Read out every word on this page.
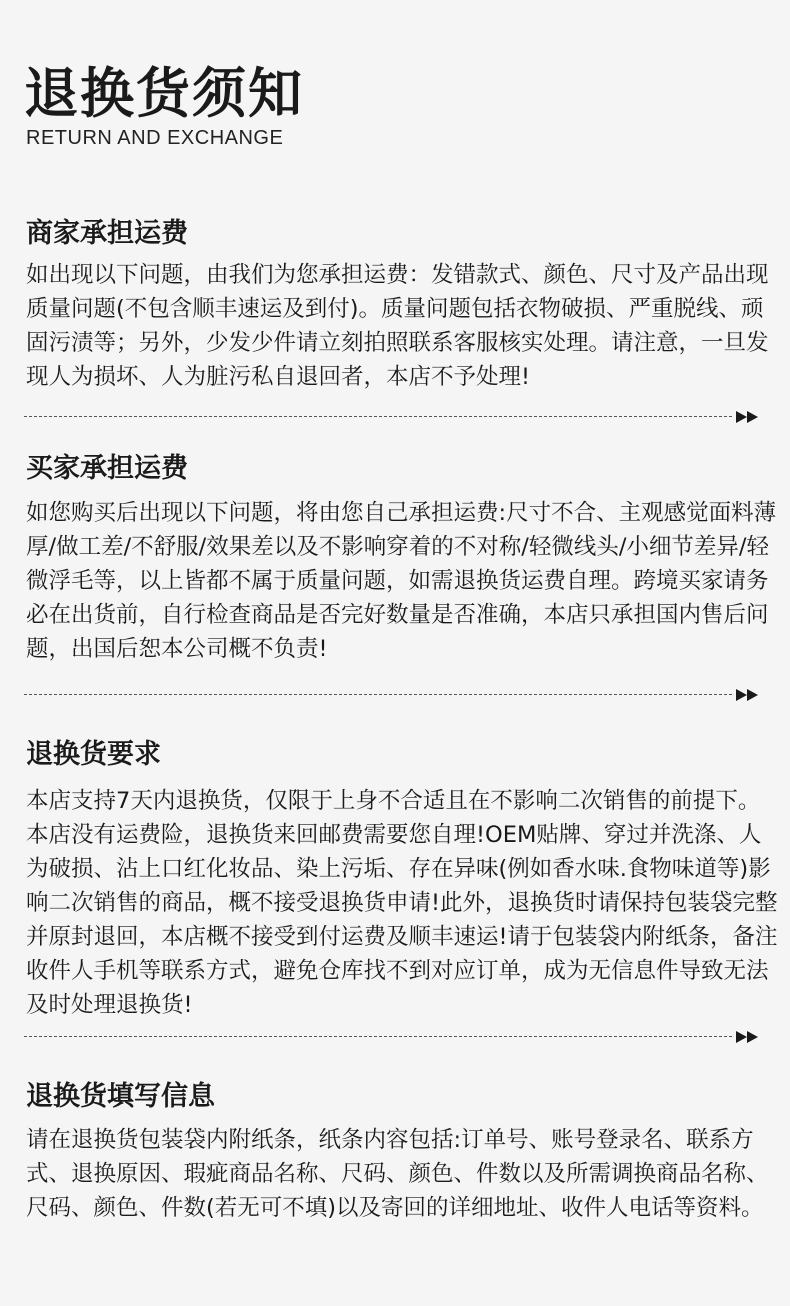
退换货须知
RETURN AND EXCHANGE
商家承担运费
如出现以下问题，由我们为您承担运费：发错款式、颜色、尺寸及产品出现质量问题(不包含顺丰速运及到付)。质量问题包括衣物破损、严重脱线、顽固污渍等；另外，少发少件请立刻拍照联系客服核实处理。请注意，一旦发现人为损坏、人为脏污私自退回者，本店不予处理!
买家承担运费
如您购买后出现以下问题，将由您自己承担运费:尺寸不合、主观感觉面料薄厚/做工差/不舒服/效果差以及不影响穿着的不对称/轻微线头/小细节差异/轻微浮毛等，以上皆都不属于质量问题，如需退换货运费自理。跨境买家请务必在出货前，自行检查商品是否完好数量是否准确，本店只承担国内售后问题，出国后恕本公司概不负责!
退换货要求
本店支持7天内退换货，仅限于上身不合适且在不影响二次销售的前提下。本店没有运费险，退换货来回邮费需要您自理!OEM贴牌、穿过并洗涤、人为破损、沾上口红化妆品、染上污垢、存在异味(例如香水味.食物味道等)影响二次销售的商品，概不接受退换货申请!此外，退换货时请保持包装袋完整并原封退回，本店概不接受到付运费及顺丰速运!请于包装袋内附纸条，备注收件人手机等联系方式，避免仓库找不到对应订单，成为无信息件导致无法及时处理退换货!
退换货填写信息
请在退换货包装袋内附纸条，纸条内容包括:订单号、账号登录名、联系方式、退换原因、瑕疵商品名称、尺码、颜色、件数以及所需调换商品名称、尺码、颜色、件数(若无可不填)以及寄回的详细地址、收件人电话等资料。
